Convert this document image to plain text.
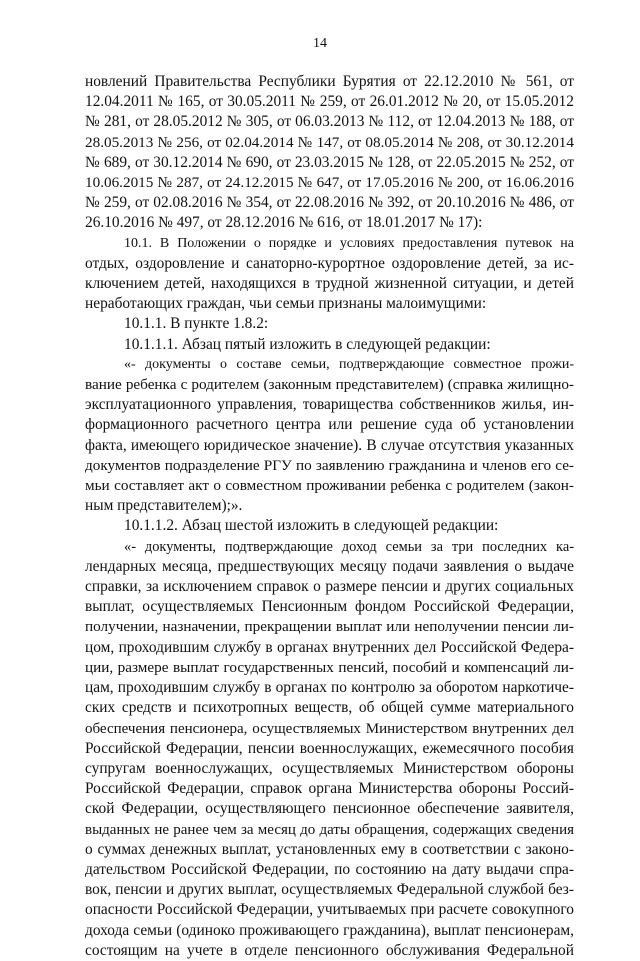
14
новлений Правительства Республики Бурятия от 22.12.2010 № 561, от
12.04.2011 № 165, от 30.05.2011 № 259, от 26.01.2012 № 20, от 15.05.2012
№ 281, от 28.05.2012 № 305, от 06.03.2013 № 112, от 12.04.2013 № 188, от
28.05.2013 № 256, от 02.04.2014 № 147, от 08.05.2014 № 208, от 30.12.2014
№ 689, от 30.12.2014 № 690, от 23.03.2015 № 128, от 22.05.2015 № 252, от
10.06.2015 № 287, от 24.12.2015 № 647, от 17.05.2016 № 200, от 16.06.2016
№ 259, от 02.08.2016 № 354, от 22.08.2016 № 392, от 20.10.2016 № 486, от
26.10.2016 № 497, от 28.12.2016 № 616, от 18.01.2017 № 17):
10.1. В Положении о порядке и условиях предоставления путевок на
отдых, оздоровление и санаторно-курортное оздоровление детей, за ис-
ключением детей, находящихся в трудной жизненной ситуации, и детей
неработающих граждан, чьи семьи признаны малоимущими:
10.1.1. В пункте 1.8.2:
10.1.1.1. Абзац пятый изложить в следующей редакции:
«- документы о составе семьи, подтверждающие совместное прожи-
вание ребенка с родителем (законным представителем) (справка жилищно-
эксплуатационного управления, товарищества собственников жилья, ин-
формационного расчетного центра или решение суда об установлении
факта, имеющего юридическое значение). В случае отсутствия указанных
документов подразделение РГУ по заявлению гражданина и членов его се-
мьи составляет акт о совместном проживании ребенка с родителем (закон-
ным представителем);».
10.1.1.2. Абзац шестой изложить в следующей редакции:
«- документы, подтверждающие доход семьи за три последних ка-
лендарных месяца, предшествующих месяцу подачи заявления о выдаче
справки, за исключением справок о размере пенсии и других социальных
выплат, осуществляемых Пенсионным фондом Российской Федерации,
получении, назначении, прекращении выплат или неполучении пенсии ли-
цом, проходившим службу в органах внутренних дел Российской Федера-
ции, размере выплат государственных пенсий, пособий и компенсаций ли-
цам, проходившим службу в органах по контролю за оборотом наркотиче-
ских средств и психотропных веществ, об общей сумме материального
обеспечения пенсионера, осуществляемых Министерством внутренних дел
Российской Федерации, пенсии военнослужащих, ежемесячного пособия
супругам военнослужащих, осуществляемых Министерством обороны
Российской Федерации, справок органа Министерства обороны Россий-
ской Федерации, осуществляющего пенсионное обеспечение заявителя,
выданных не ранее чем за месяц до даты обращения, содержащих сведения
о суммах денежных выплат, установленных ему в соответствии с законо-
дательством Российской Федерации, по состоянию на дату выдачи спра-
вок, пенсии и других выплат, осуществляемых Федеральной службой без-
опасности Российской Федерации, учитываемых при расчете совокупного
дохода семьи (одиноко проживающего гражданина), выплат пенсионерам,
состоящим на учете в отделе пенсионного обслуживания Федеральной
